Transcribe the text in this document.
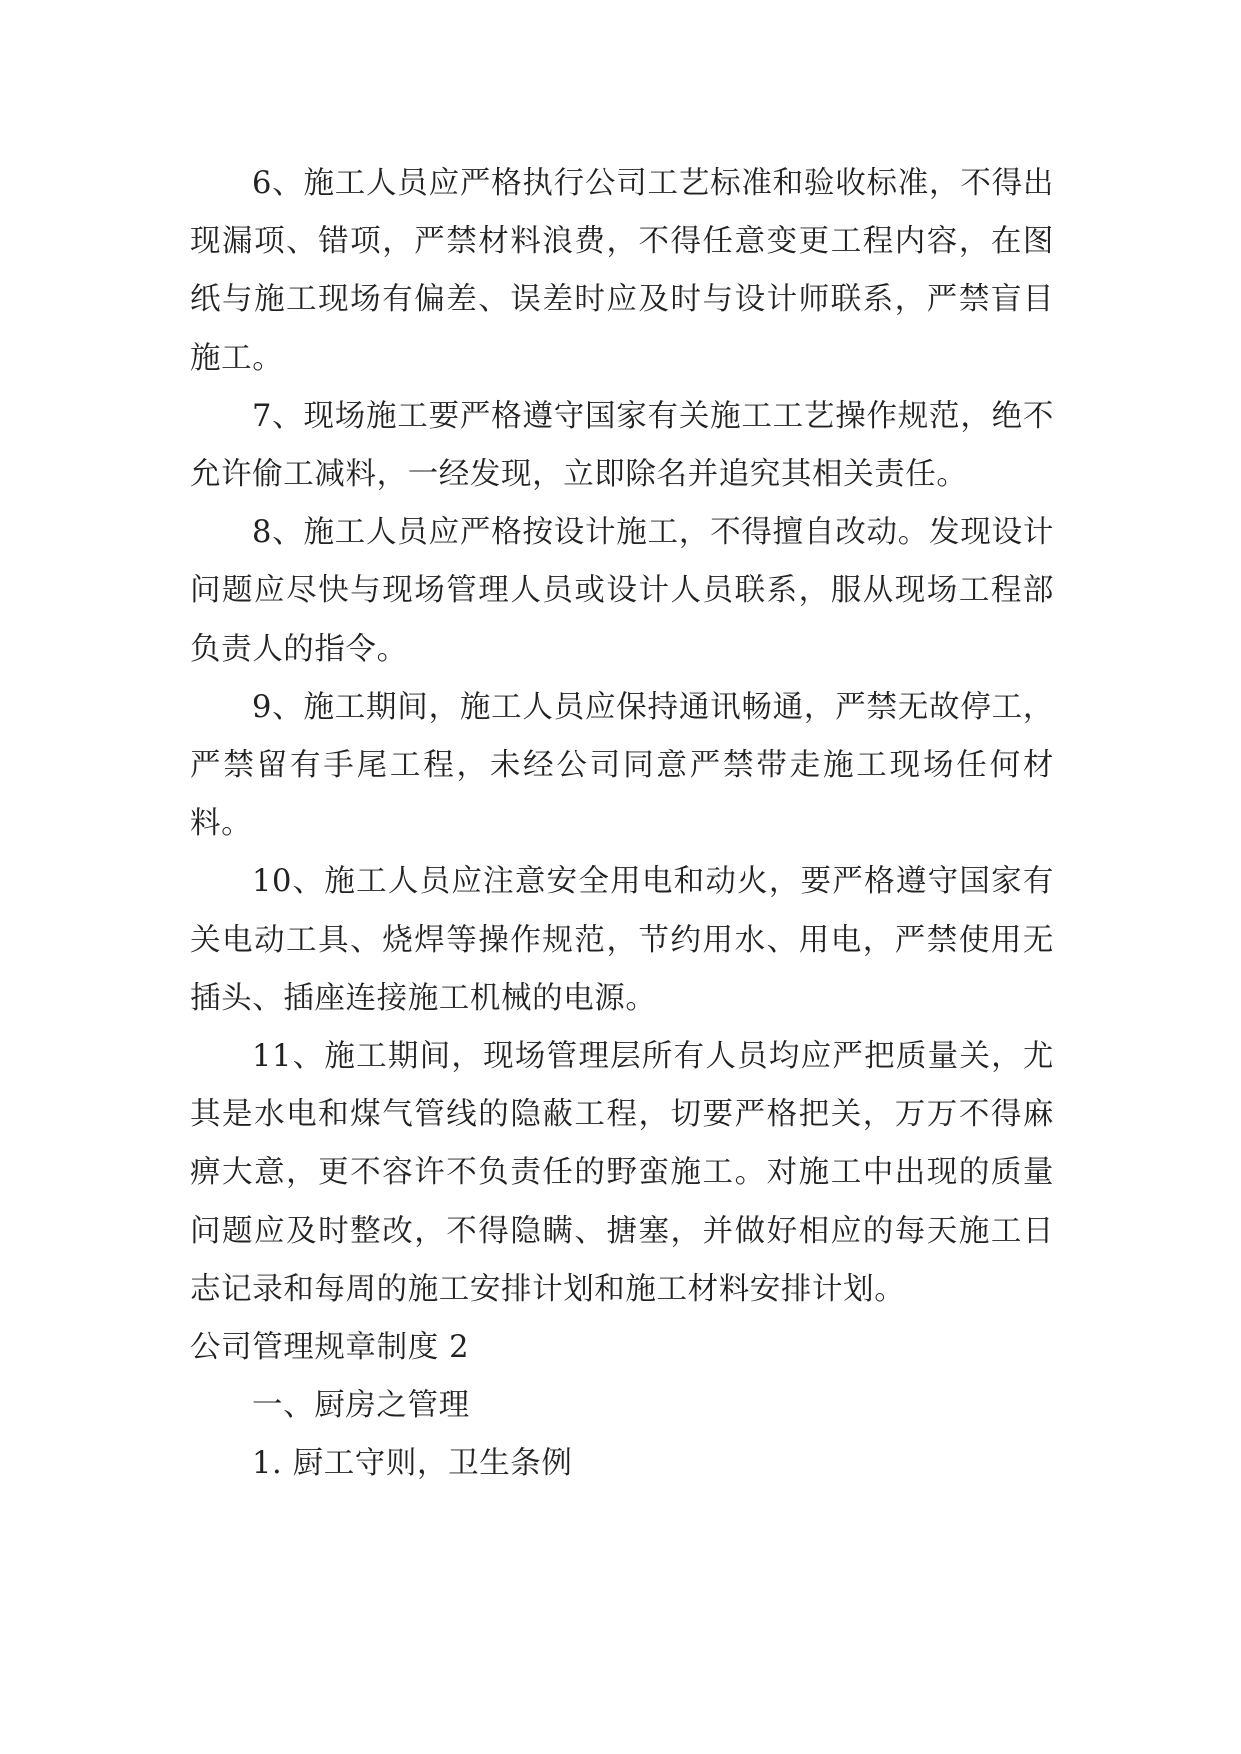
6、施工人员应严格执行公司工艺标准和验收标准，不得出现漏项、错项，严禁材料浪费，不得任意变更工程内容，在图纸与施工现场有偏差、误差时应及时与设计师联系，严禁盲目施工。

7、现场施工要严格遵守国家有关施工工艺操作规范，绝不允许偷工减料，一经发现，立即除名并追究其相关责任。

8、施工人员应严格按设计施工，不得擅自改动。发现设计问题应尽快与现场管理人员或设计人员联系，服从现场工程部负责人的指令。

9、施工期间，施工人员应保持通讯畅通，严禁无故停工，严禁留有手尾工程，未经公司同意严禁带走施工现场任何材料。

10、施工人员应注意安全用电和动火，要严格遵守国家有关电动工具、烧焊等操作规范，节约用水、用电，严禁使用无插头、插座连接施工机械的电源。

11、施工期间，现场管理层所有人员均应严把质量关，尤其是水电和煤气管线的隐蔽工程，切要严格把关，万万不得麻痹大意，更不容许不负责任的野蛮施工。对施工中出现的质量问题应及时整改，不得隐瞒、搪塞，并做好相应的每天施工日志记录和每周的施工安排计划和施工材料安排计划。

公司管理规章制度 2

一、厨房之管理

1. 厨工守则，卫生条例
